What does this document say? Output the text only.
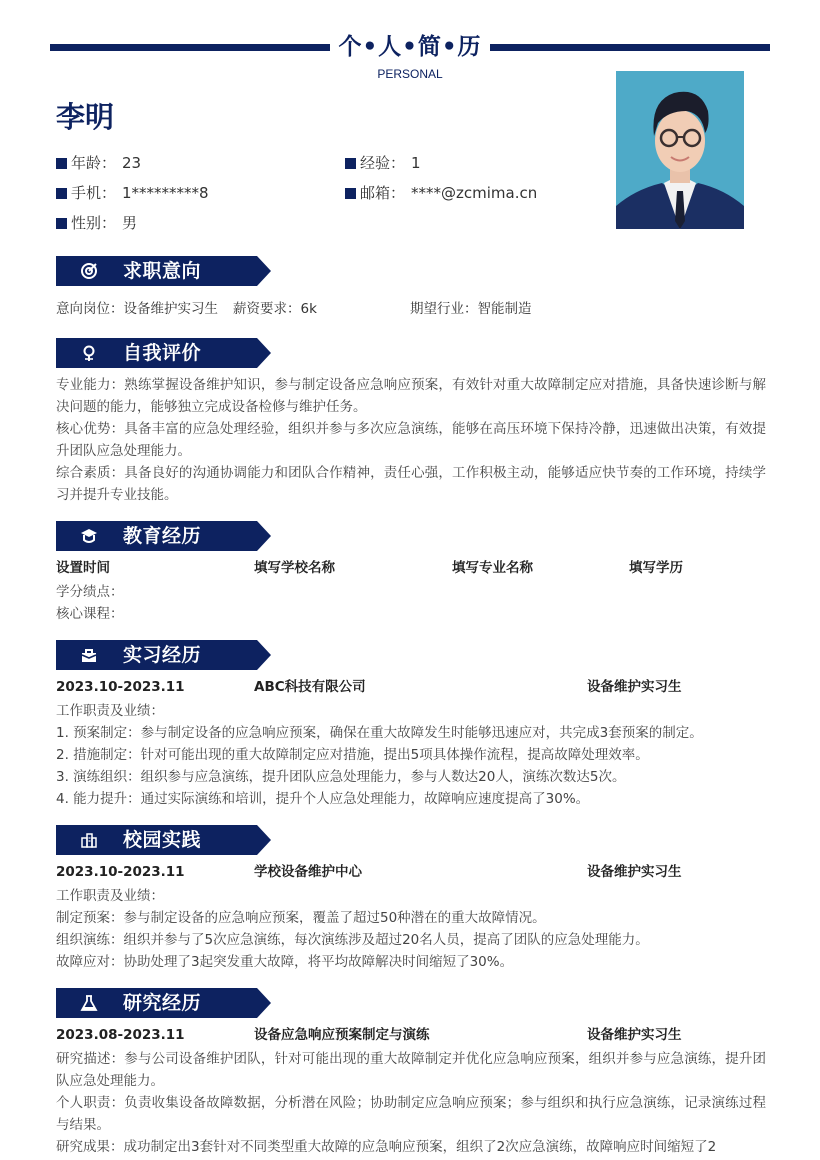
个•人•简•历
PERSONAL
李明
年龄： 23	经验： 1
手机： 1*********8	邮箱： ****@zcmima.cn
性别： 男
求职意向
意向岗位：设备维护实习生 薪资要求：6k	期望行业：智能制造
自我评价
专业能力：熟练掌握设备维护知识，参与制定设备应急响应预案，有效针对重大故障制定应对措施，具备快速诊断与解决问题的能力，能够独立完成设备检修与维护任务。
核心优势：具备丰富的应急处理经验，组织并参与多次应急演练，能够在高压环境下保持冷静，迅速做出决策，有效提升团队应急处理能力。
综合素质：具备良好的沟通协调能力和团队合作精神，责任心强，工作积极主动，能够适应快节奏的工作环境，持续学习并提升专业技能。
教育经历
设置时间	填写学校名称	填写专业名称	填写学历
学分绩点：
核心课程：
实习经历
2023.10-2023.11	ABC科技有限公司	设备维护实习生
工作职责及业绩：
1. 预案制定：参与制定设备的应急响应预案，确保在重大故障发生时能够迅速应对，共完成3套预案的制定。
2. 措施制定：针对可能出现的重大故障制定应对措施，提出5项具体操作流程，提高故障处理效率。
3. 演练组织：组织参与应急演练，提升团队应急处理能力，参与人数达20人，演练次数达5次。
4. 能力提升：通过实际演练和培训，提升个人应急处理能力，故障响应速度提高了30%。
校园实践
2023.10-2023.11	学校设备维护中心	设备维护实习生
工作职责及业绩：
制定预案：参与制定设备的应急响应预案，覆盖了超过50种潜在的重大故障情况。
组织演练：组织并参与了5次应急演练，每次演练涉及超过20名人员，提高了团队的应急处理能力。
故障应对：协助处理了3起突发重大故障，将平均故障解决时间缩短了30%。
研究经历
2023.08-2023.11	设备应急响应预案制定与演练	设备维护实习生
研究描述：参与公司设备维护团队，针对可能出现的重大故障制定并优化应急响应预案，组织并参与应急演练，提升团队应急处理能力。
个人职责：负责收集设备故障数据，分析潜在风险；协助制定应急响应预案；参与组织和执行应急演练，记录演练过程与结果。
研究成果：成功制定出3套针对不同类型重大故障的应急响应预案，组织了2次应急演练，故障响应时间缩短了2
